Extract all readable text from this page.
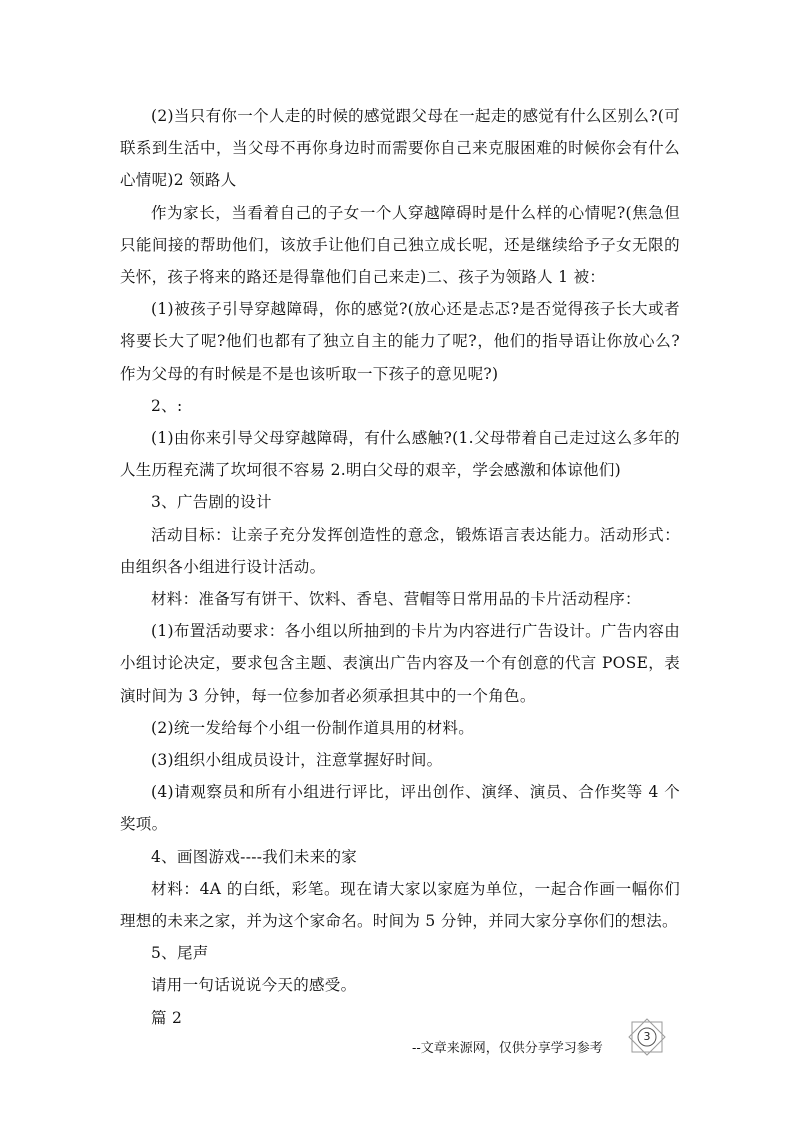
(2)当只有你一个人走的时候的感觉跟父母在一起走的感觉有什么区别么?(可联系到生活中，当父母不再你身边时而需要你自己来克服困难的时候你会有什么心情呢)2 领路人

作为家长，当看着自己的子女一个人穿越障碍时是什么样的心情呢?(焦急但只能间接的帮助他们，该放手让他们自己独立成长呢，还是继续给予子女无限的关怀，孩子将来的路还是得靠他们自己来走)二、孩子为领路人 1 被：

(1)被孩子引导穿越障碍，你的感觉?(放心还是忐忑?是否觉得孩子长大或者将要长大了呢?他们也都有了独立自主的能力了呢?，他们的指导语让你放心么?作为父母的有时候是不是也该听取一下孩子的意见呢?)

2、:

(1)由你来引导父母穿越障碍，有什么感触?(1.父母带着自己走过这么多年的人生历程充满了坎坷很不容易 2.明白父母的艰辛，学会感激和体谅他们)

3、广告剧的设计

活动目标：让亲子充分发挥创造性的意念，锻炼语言表达能力。活动形式：由组织各小组进行设计活动。

材料：准备写有饼干、饮料、香皂、营帽等日常用品的卡片活动程序：

(1)布置活动要求：各小组以所抽到的卡片为内容进行广告设计。广告内容由小组讨论决定，要求包含主题、表演出广告内容及一个有创意的代言 POSE，表演时间为 3 分钟，每一位参加者必须承担其中的一个角色。

(2)统一发给每个小组一份制作道具用的材料。

(3)组织小组成员设计，注意掌握好时间。

(4)请观察员和所有小组进行评比，评出创作、演绎、演员、合作奖等 4 个奖项。

4、画图游戏----我们未来的家

材料：4A 的白纸，彩笔。现在请大家以家庭为单位，一起合作画一幅你们理想的未来之家，并为这个家命名。时间为 5 分钟，并同大家分享你们的想法。

5、尾声

请用一句话说说今天的感受。

篇 2

3
--文章来源网，仅供分享学习参考
